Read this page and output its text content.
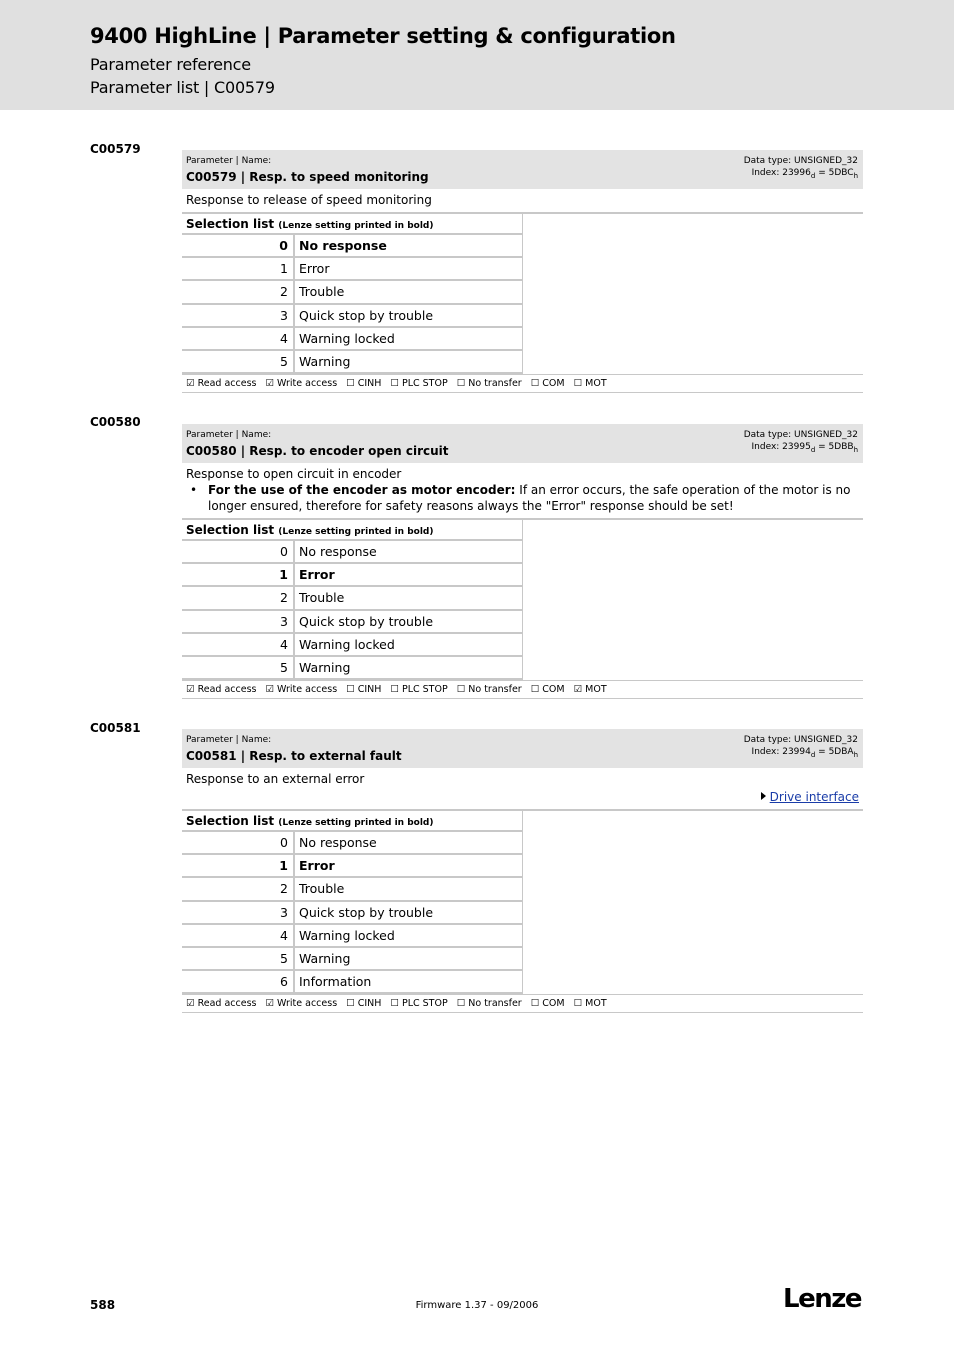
9400 HighLine | Parameter setting & configuration
Parameter reference
Parameter list | C00579
C00579
Parameter | Name:
C00579 | Resp. to speed monitoring
Data type: UNSIGNED_32
Index: $23996_d = 5DBC_h$
Response to release of speed monitoring
Selection list (Lenze setting printed in bold)
0 No response
1 Error
2 Trouble
3 Quick stop by trouble
4 Warning locked
5 Warning
☑ Read access ☑ Write access ☐ CINH ☐ PLC STOP ☐ No transfer ☐ COM ☐ MOT
C00580
Parameter | Name:
C00580 | Resp. to encoder open circuit
Data type: UNSIGNED_32
Index: $23995_d = 5DBB_h$
Response to open circuit in encoder
• For the use of the encoder as motor encoder: If an error occurs, the safe operation of the motor is no longer ensured, therefore for safety reasons always the "Error" response should be set!
Selection list (Lenze setting printed in bold)
0 No response
1 Error
2 Trouble
3 Quick stop by trouble
4 Warning locked
5 Warning
☑ Read access ☑ Write access ☐ CINH ☐ PLC STOP ☐ No transfer ☐ COM ☑ MOT
C00581
Parameter | Name:
C00581 | Resp. to external fault
Data type: UNSIGNED_32
Index: $23994_d = 5DBA_h$
Response to an external error
Drive interface
Selection list (Lenze setting printed in bold)
0 No response
1 Error
2 Trouble
3 Quick stop by trouble
4 Warning locked
5 Warning
6 Information
☑ Read access ☑ Write access ☐ CINH ☐ PLC STOP ☐ No transfer ☐ COM ☐ MOT
588	Firmware 1.37 - 09/2006	Lenze
